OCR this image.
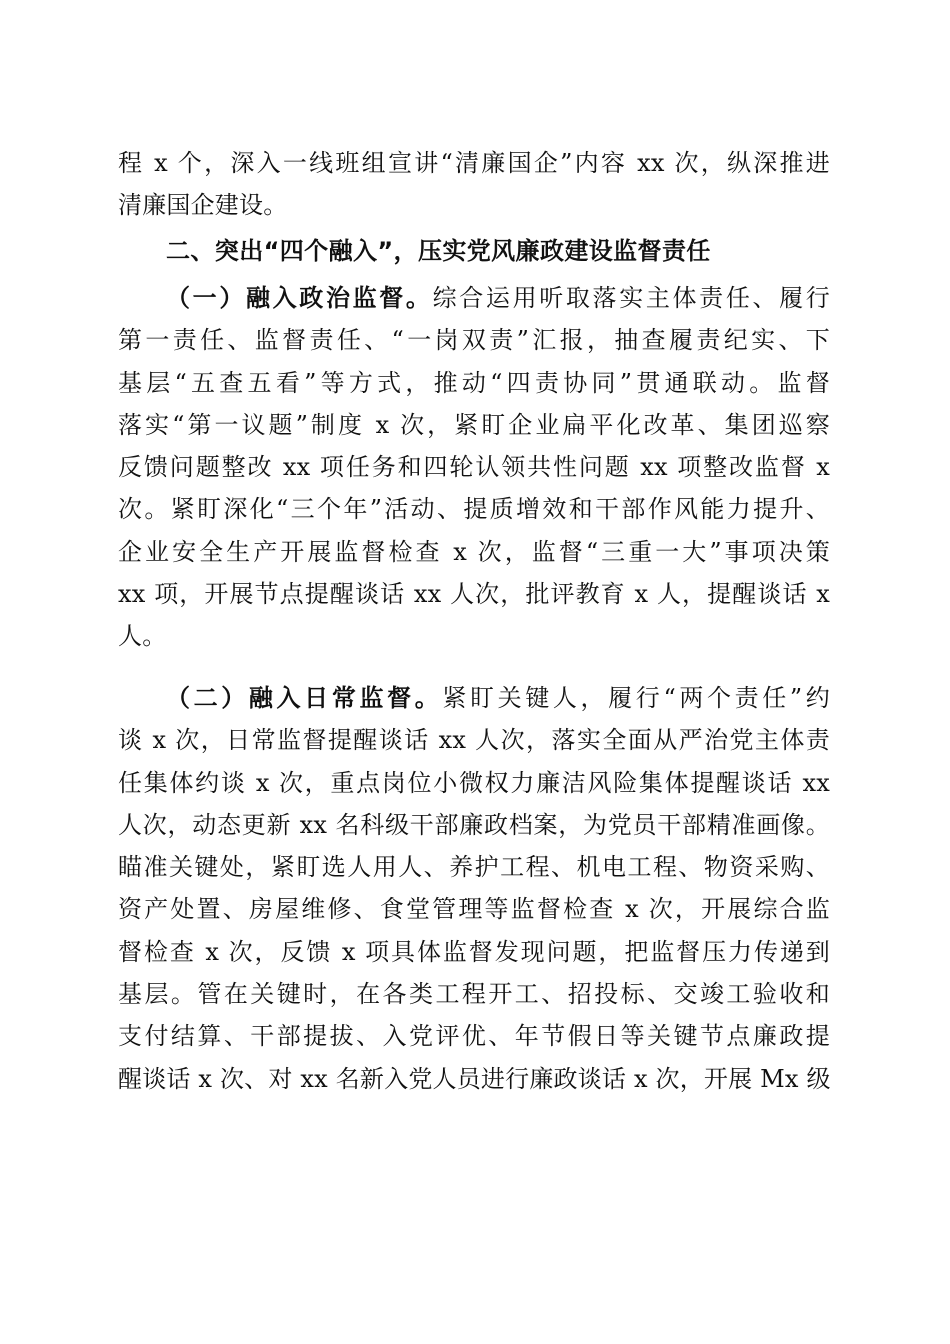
程 x 个，深入一线班组宣讲“清廉国企”内容 xx 次，纵深推进
清廉国企建设。
二、突出“四个融入”，压实党风廉政建设监督责任
（一）融入政治监督。综合运用听取落实主体责任、履行
第一责任、监督责任、“一岗双责”汇报，抽查履责纪实、下
基层“五查五看”等方式，推动“四责协同”贯通联动。监督
落实“第一议题”制度 x 次，紧盯企业扁平化改革、集团巡察
反馈问题整改 xx 项任务和四轮认领共性问题 xx 项整改监督 x
次。紧盯深化“三个年”活动、提质增效和干部作风能力提升、
企业安全生产开展监督检查 x 次，监督“三重一大”事项决策
xx 项，开展节点提醒谈话 xx 人次，批评教育 x 人，提醒谈话 x
人。
（二）融入日常监督。紧盯关键人，履行“两个责任”约
谈 x 次，日常监督提醒谈话 xx 人次，落实全面从严治党主体责
任集体约谈 x 次，重点岗位小微权力廉洁风险集体提醒谈话 xx
人次，动态更新 xx 名科级干部廉政档案，为党员干部精准画像。
瞄准关键处，紧盯选人用人、养护工程、机电工程、物资采购、
资产处置、房屋维修、食堂管理等监督检查 x 次，开展综合监
督检查 x 次，反馈 x 项具体监督发现问题，把监督压力传递到
基层。管在关键时，在各类工程开工、招投标、交竣工验收和
支付结算、干部提拔、入党评优、年节假日等关键节点廉政提
醒谈话 x 次、对 xx 名新入党人员进行廉政谈话 x 次，开展 Mx 级
